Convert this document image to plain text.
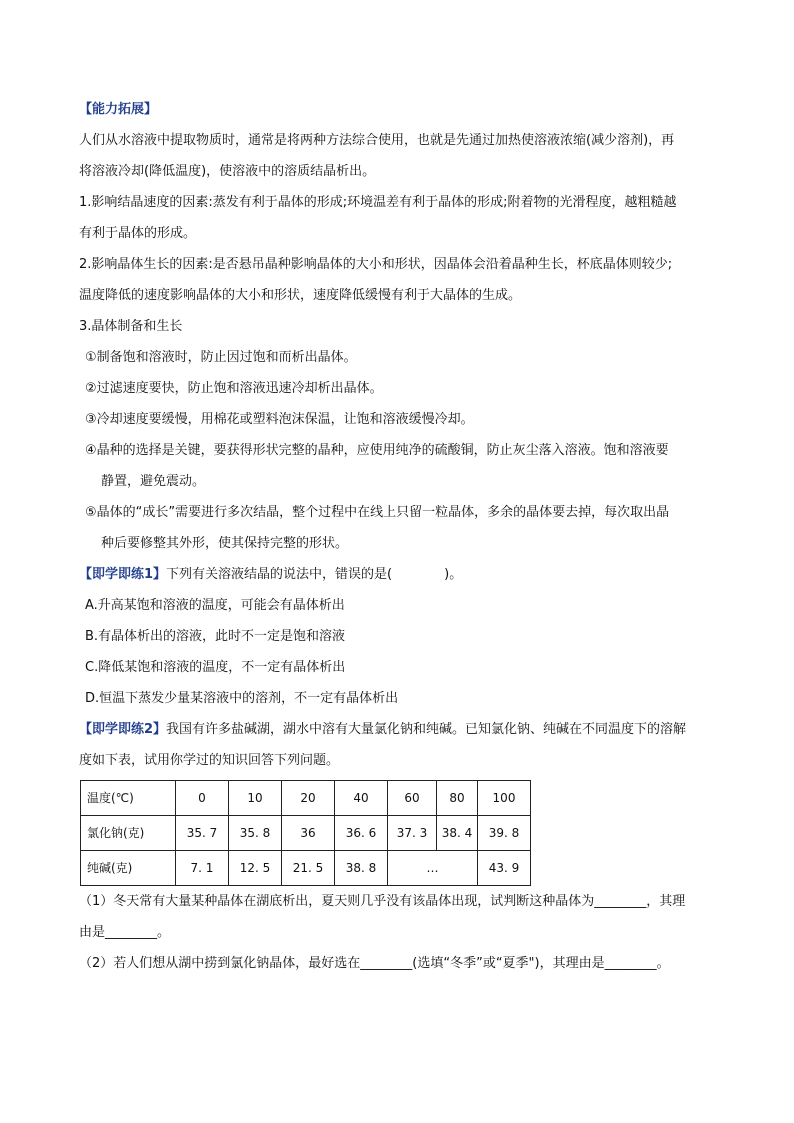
【能力拓展】
人们从水溶液中提取物质时，通常是将两种方法综合使用，也就是先通过加热使溶液浓缩(减少溶剂)，再
将溶液冷却(降低温度)，使溶液中的溶质结晶析出。
1.影响结晶速度的因素:蒸发有利于晶体的形成;环境温差有利于晶体的形成;附着物的光滑程度，越粗糙越
有利于晶体的形成。
2.影响晶体生长的因素:是否悬吊晶种影响晶体的大小和形状，因晶体会沿着晶种生长，杯底晶体则较少;
温度降低的速度影响晶体的大小和形状，速度降低缓慢有利于大晶体的生成。
3.晶体制备和生长
①制备饱和溶液时，防止因过饱和而析出晶体。
②过滤速度要快，防止饱和溶液迅速冷却析出晶体。
③冷却速度要缓慢，用棉花或塑料泡沫保温，让饱和溶液缓慢冷却。
④晶种的选择是关键，要获得形状完整的晶种，应使用纯净的硫酸铜，防止灰尘落入溶液。饱和溶液要
静置，避免震动。
⑤晶体的“成长”需要进行多次结晶，整个过程中在线上只留一粒晶体，多余的晶体要去掉，每次取出晶
种后要修整其外形，使其保持完整的形状。
【即学即练1】下列有关溶液结晶的说法中，错误的是(　　　　)。
A.升高某饱和溶液的温度，可能会有晶体析出
B.有晶体析出的溶液，此时不一定是饱和溶液
C.降低某饱和溶液的温度，不一定有晶体析出
D.恒温下蒸发少量某溶液中的溶剂，不一定有晶体析出
【即学即练2】我国有许多盐碱湖，湖水中溶有大量氯化钠和纯碱。已知氯化钠、纯碱在不同温度下的溶解
度如下表，试用你学过的知识回答下列问题。
温度(℃)	0	10	20	40	60	80	100
氯化钠(克)	35. 7	35. 8	36	36. 6	37. 3	38. 4	39. 8
纯碱(克)	7. 1	12. 5	21. 5	38. 8	…		43. 9
（1）冬天常有大量某种晶体在湖底析出，夏天则几乎没有该晶体出现，试判断这种晶体为________，其理
由是________。
（2）若人们想从湖中捞到氯化钠晶体，最好选在________(选填“冬季”或“夏季")，其理由是________。
